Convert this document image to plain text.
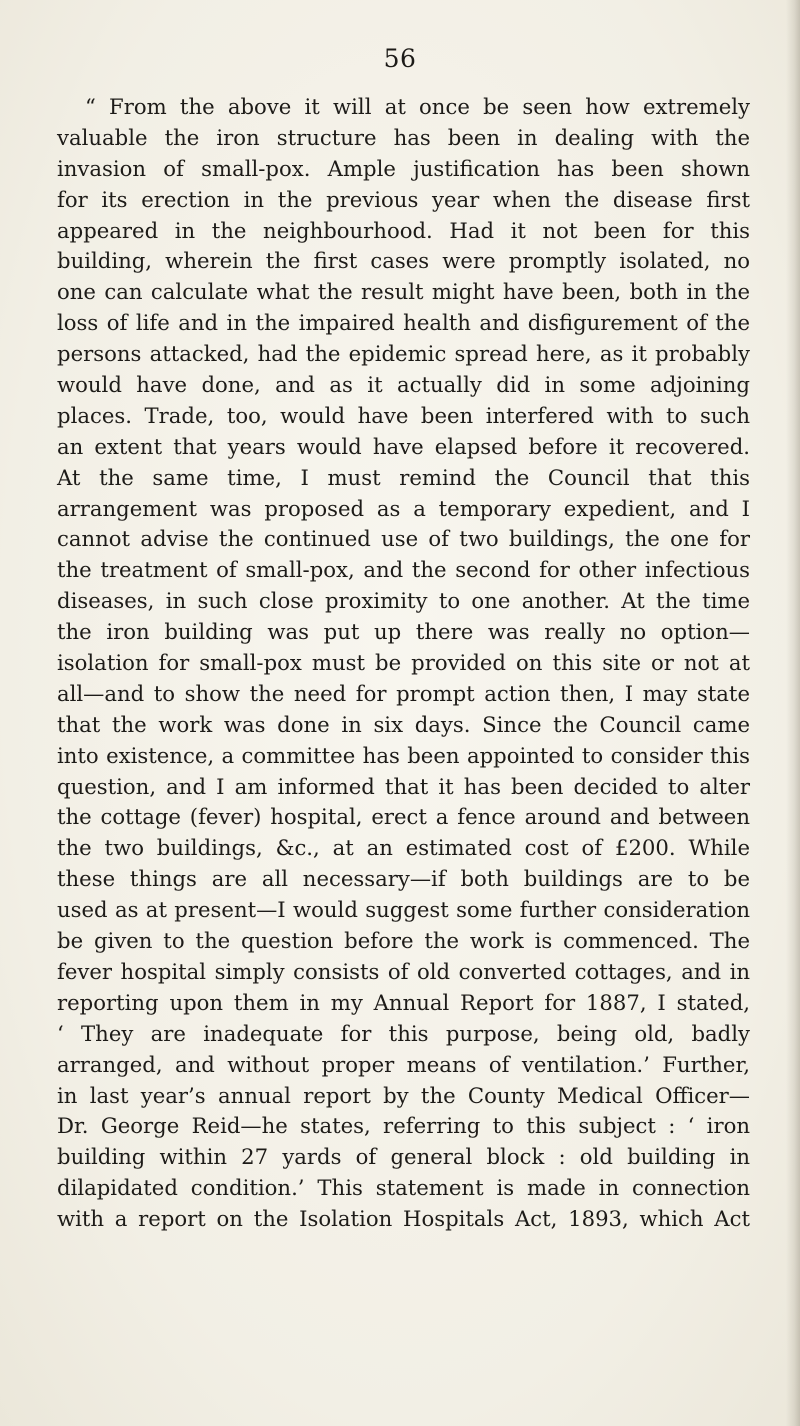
56
“ From the above it will at once be seen how extremely
valuable the iron structure has been in dealing with the
invasion of small-pox. Ample justification has been shown
for its erection in the previous year when the disease first
appeared in the neighbourhood. Had it not been for this
building, wherein the first cases were promptly isolated, no
one can calculate what the result might have been, both in the
loss of life and in the impaired health and disfigurement of the
persons attacked, had the epidemic spread here, as it probably
would have done, and as it actually did in some adjoining
places. Trade, too, would have been interfered with to such
an extent that years would have elapsed before it recovered.
At the same time, I must remind the Council that this
arrangement was proposed as a temporary expedient, and I
cannot advise the continued use of two buildings, the one for
the treatment of small-pox, and the second for other infectious
diseases, in such close proximity to one another. At the time
the iron building was put up there was really no option—
isolation for small-pox must be provided on this site or not at
all—and to show the need for prompt action then, I may state
that the work was done in six days. Since the Council came
into existence, a committee has been appointed to consider this
question, and I am informed that it has been decided to alter
the cottage (fever) hospital, erect a fence around and between
the two buildings, &c., at an estimated cost of £200. While
these things are all necessary—if both buildings are to be
used as at present—I would suggest some further consideration
be given to the question before the work is commenced. The
fever hospital simply consists of old converted cottages, and in
reporting upon them in my Annual Report for 1887, I stated,
‘ They are inadequate for this purpose, being old, badly
arranged, and without proper means of ventilation.’ Further,
in last year’s annual report by the County Medical Officer—
Dr. George Reid—he states, referring to this subject : ‘ iron
building within 27 yards of general block : old building in
dilapidated condition.’ This statement is made in connection
with a report on the Isolation Hospitals Act, 1893, which Act
